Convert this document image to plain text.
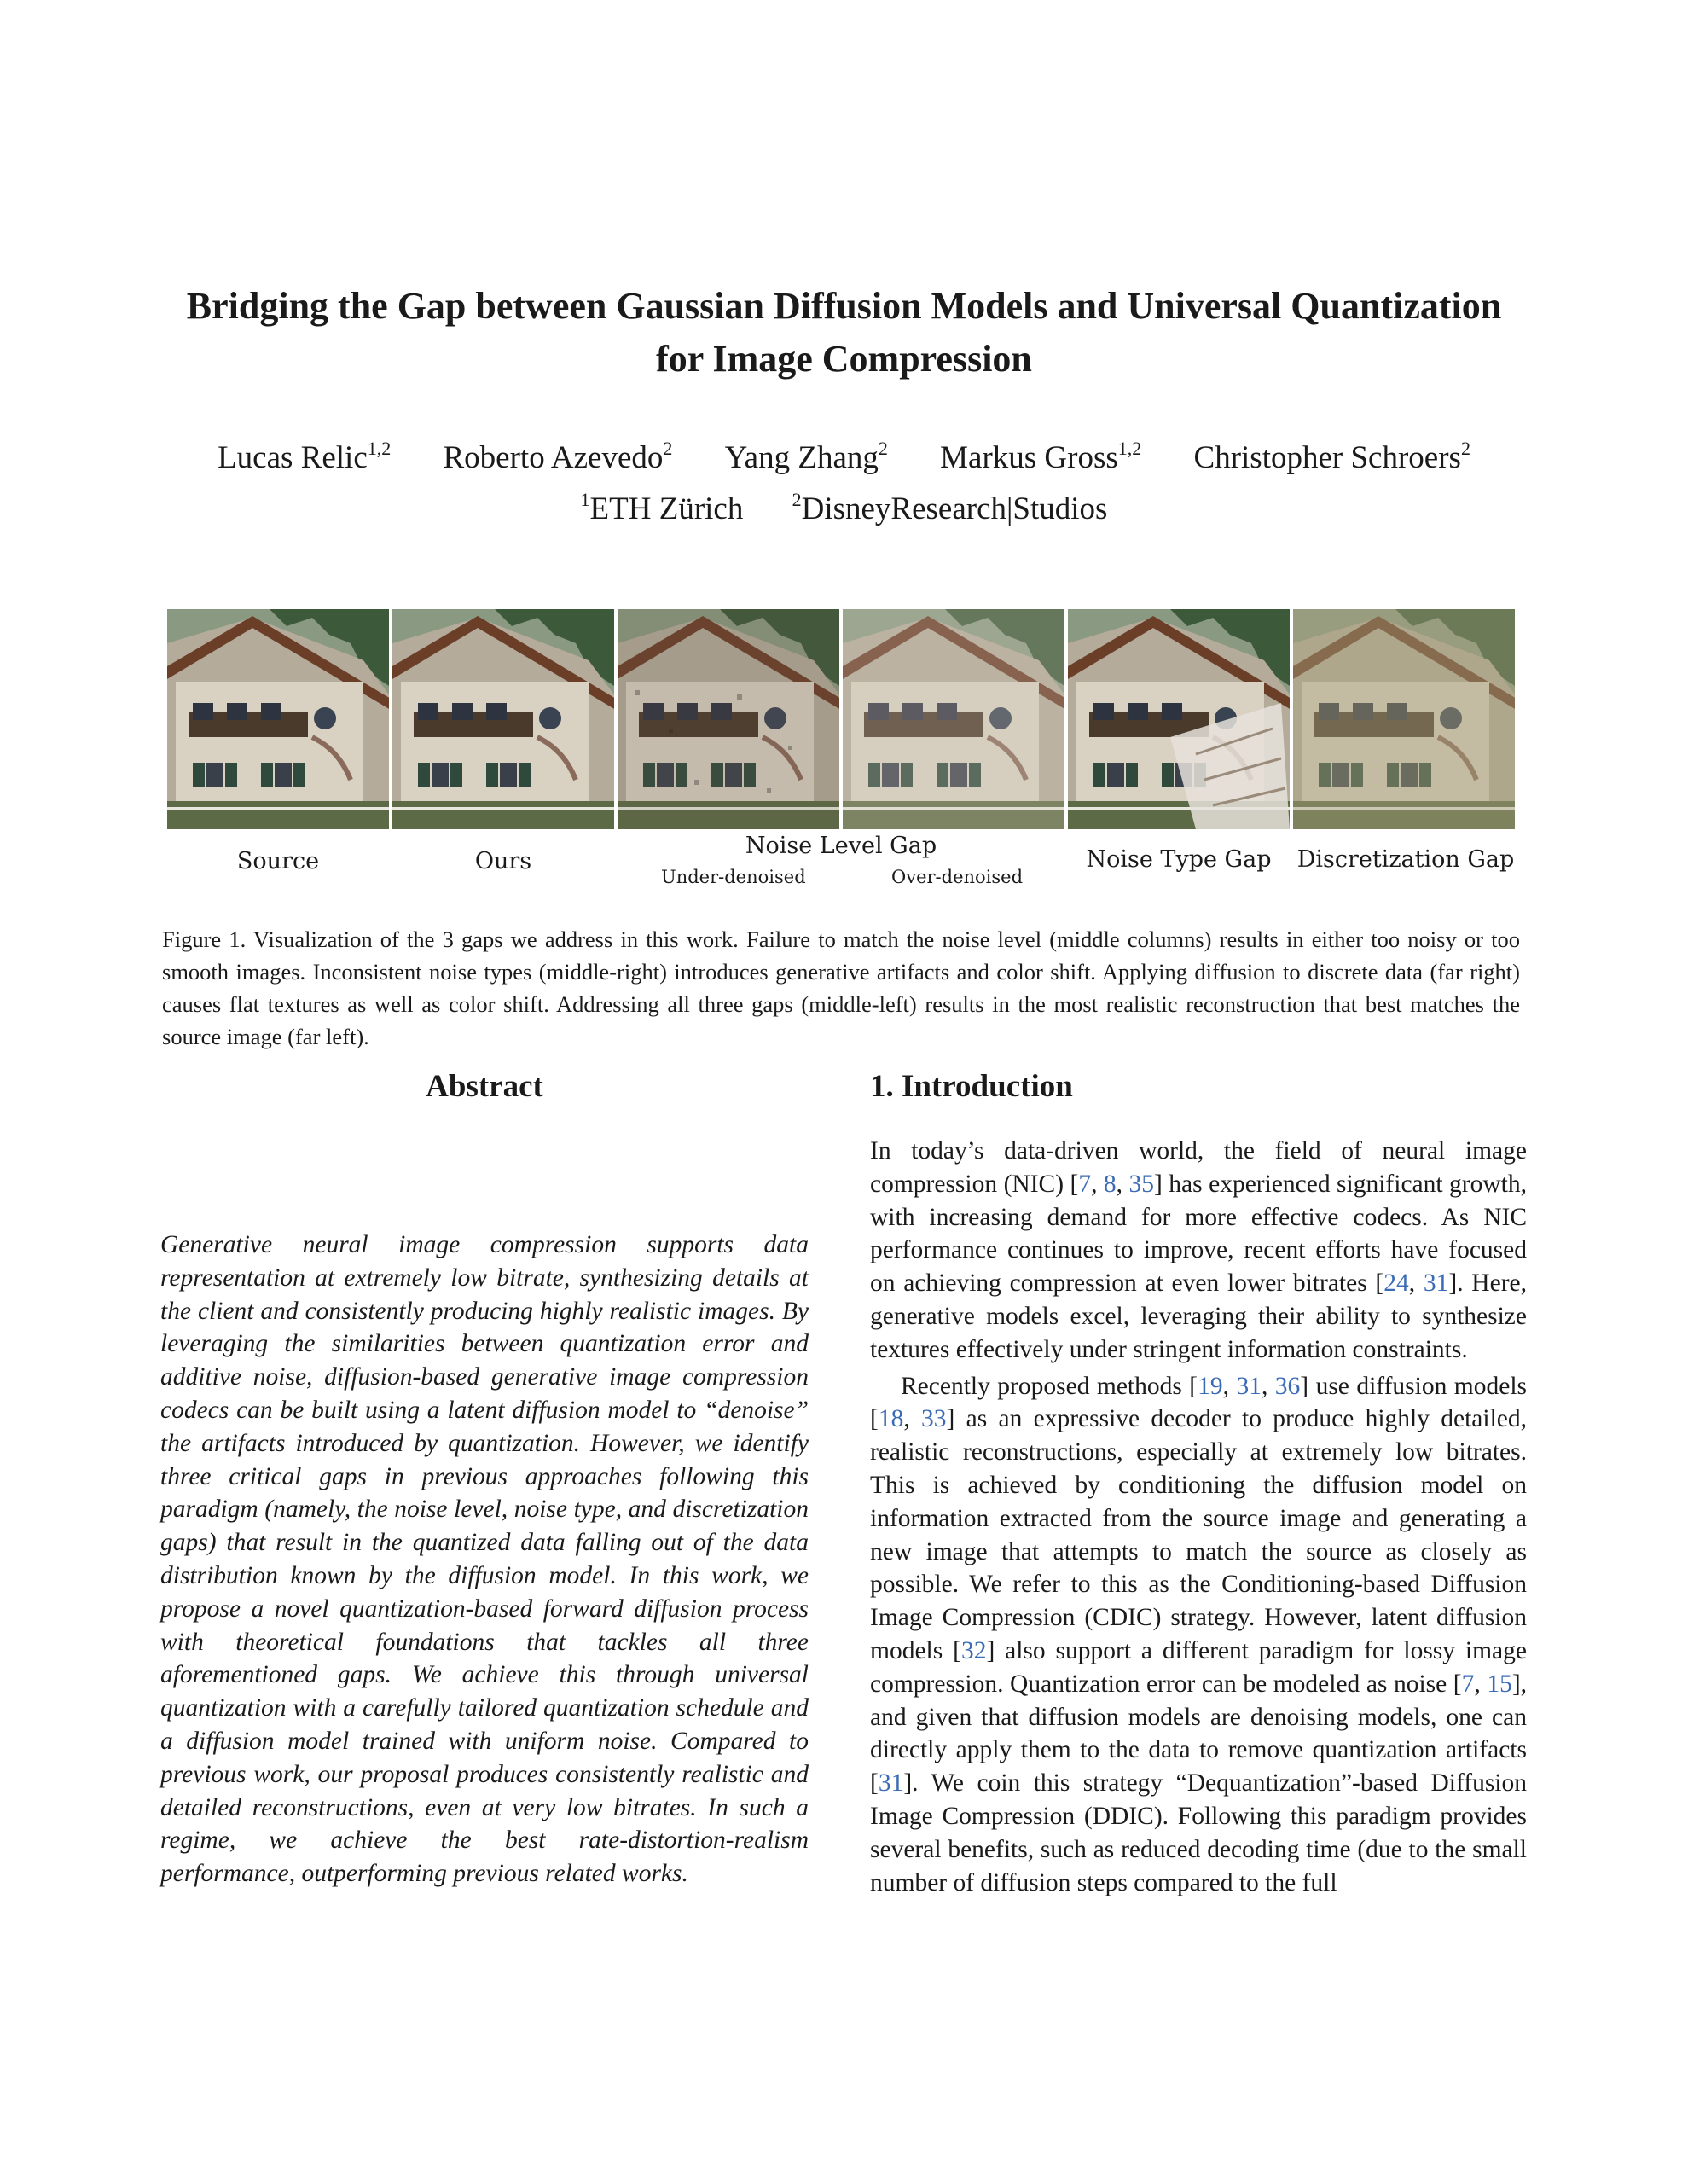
Bridging the Gap between Gaussian Diffusion Models and Universal Quantization for Image Compression
Lucas Relic$^{1,2}$ Roberto Azevedo$^2$ Yang Zhang$^2$ Markus Gross$^{1,2}$ Christopher Schroers$^2$
$^1$ETH Zürich	$^2$DisneyResearch|Studios
Source	Ours
Noise Level Gap
Under-denoised	Over-denoised
Noise Type Gap	Discretization Gap
Figure 1. Visualization of the 3 gaps we address in this work. Failure to match the noise level (middle columns) results in either too noisy or too smooth images. Inconsistent noise types (middle-right) introduces generative artifacts and color shift. Applying diffusion to discrete data (far right) causes flat textures as well as color shift. Addressing all three gaps (middle-left) results in the most realistic reconstruction that best matches the source image (far left).
Abstract
Generative neural image compression supports data representation at extremely low bitrate, synthesizing details at the client and consistently producing highly realistic images. By leveraging the similarities between quantization error and additive noise, diffusion-based generative image compression codecs can be built using a latent diffusion model to “denoise” the artifacts introduced by quantization. However, we identify three critical gaps in previous approaches following this paradigm (namely, the noise level, noise type, and discretization gaps) that result in the quantized data falling out of the data distribution known by the diffusion model. In this work, we propose a novel quantization-based forward diffusion process with theoretical foundations that tackles all three aforementioned gaps. We achieve this through universal quantization with a carefully tailored quantization schedule and a diffusion model trained with uniform noise. Compared to previous work, our proposal produces consistently realistic and detailed reconstructions, even at very low bitrates. In such a regime, we achieve the best rate-distortion-realism performance, outperforming previous related works.
1. Introduction

In today’s data-driven world, the field of neural image compression (NIC) [7, 8, 35] has experienced significant growth, with increasing demand for more effective codecs. As NIC performance continues to improve, recent efforts have focused on achieving compression at even lower bitrates [24, 31]. Here, generative models excel, leveraging their ability to synthesize textures effectively under stringent information constraints.

Recently proposed methods [19, 31, 36] use diffusion models [18, 33] as an expressive decoder to produce highly detailed, realistic reconstructions, especially at extremely low bitrates. This is achieved by conditioning the diffusion model on information extracted from the source image and generating a new image that attempts to match the source as closely as possible. We refer to this as the Conditioning-based Diffusion Image Compression (CDIC) strategy. However, latent diffusion models [32] also support a different paradigm for lossy image compression. Quantization error can be modeled as noise [7, 15], and given that diffusion models are denoising models, one can directly apply them to the data to remove quantization artifacts [31]. We coin this strategy “Dequantization”-based Diffusion Image Compression (DDIC). Following this paradigm provides several benefits, such as reduced decoding time (due to the small number of diffusion steps compared to the full
